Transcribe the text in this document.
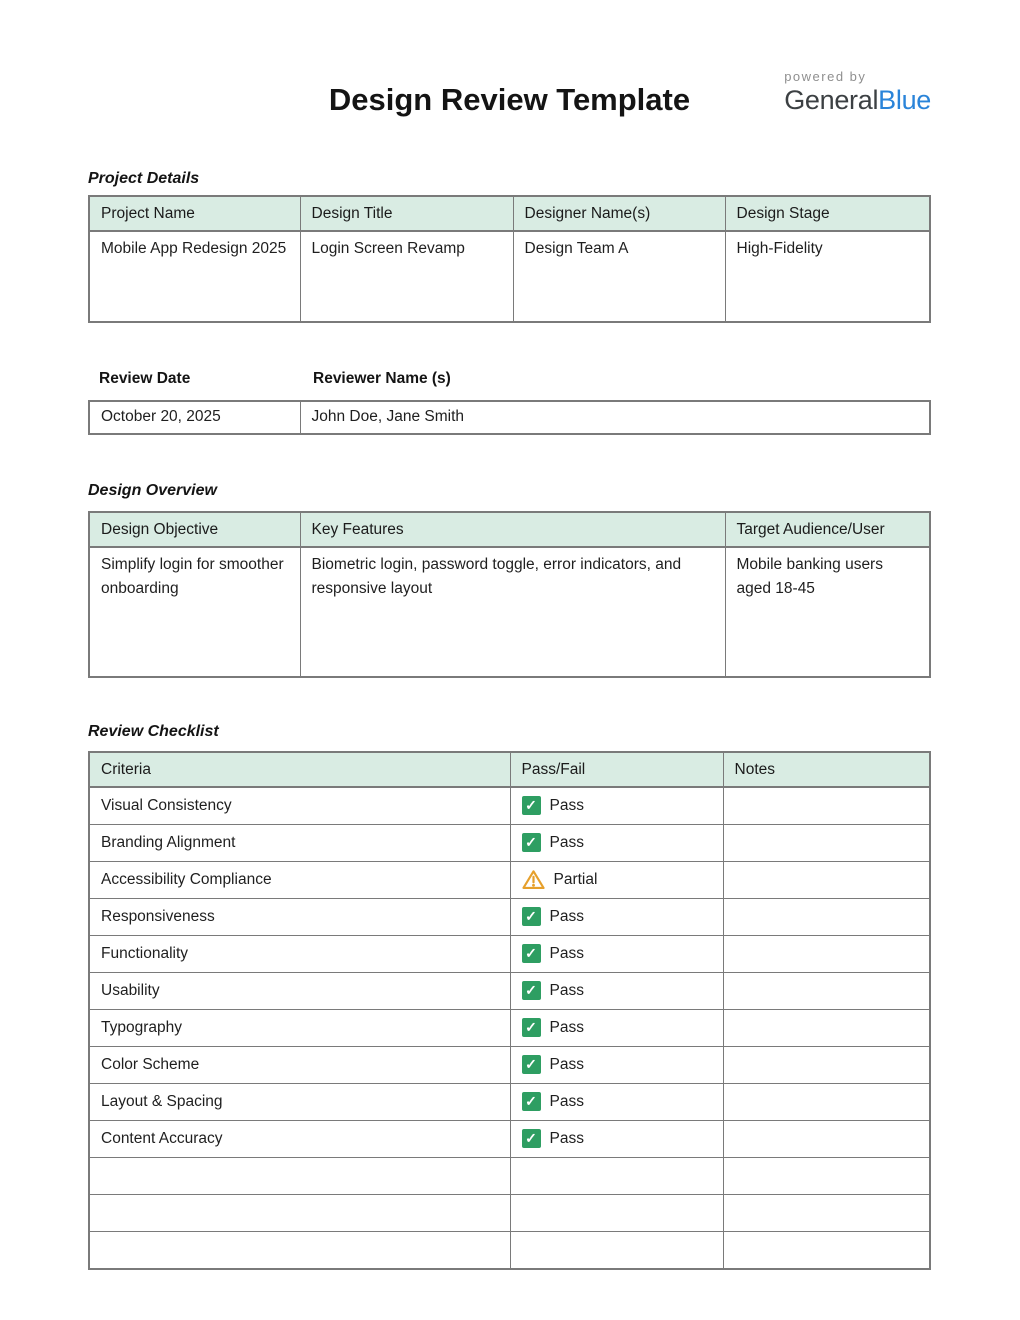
Design Review Template
powered by
GeneralBlue

Project Details

Project Name	Design Title	Designer Name(s)	Design Stage
Mobile App Redesign 2025	Login Screen Revamp	Design Team A	High-Fidelity
Review Date	Reviewer Name (s)
October 20, 2025	John Doe, Jane Smith

Design Overview

Design Objective	Key Features	Target Audience/User
Simplify login for smoother onboarding	Biometric login, password toggle, error indicators, and responsive layout	Mobile banking users aged 18-45

Review Checklist

Criteria	Pass/Fail	Notes
Visual Consistency	✓ Pass	

Branding Alignment	✓ Pass	

Accessibility Compliance	Partial	

Responsiveness	✓ Pass	

Functionality	✓ Pass	

Usability	✓ Pass	

Typography	✓ Pass	

Color Scheme	✓ Pass	

Layout & Spacing	✓ Pass	

Content Accuracy	✓ Pass	
